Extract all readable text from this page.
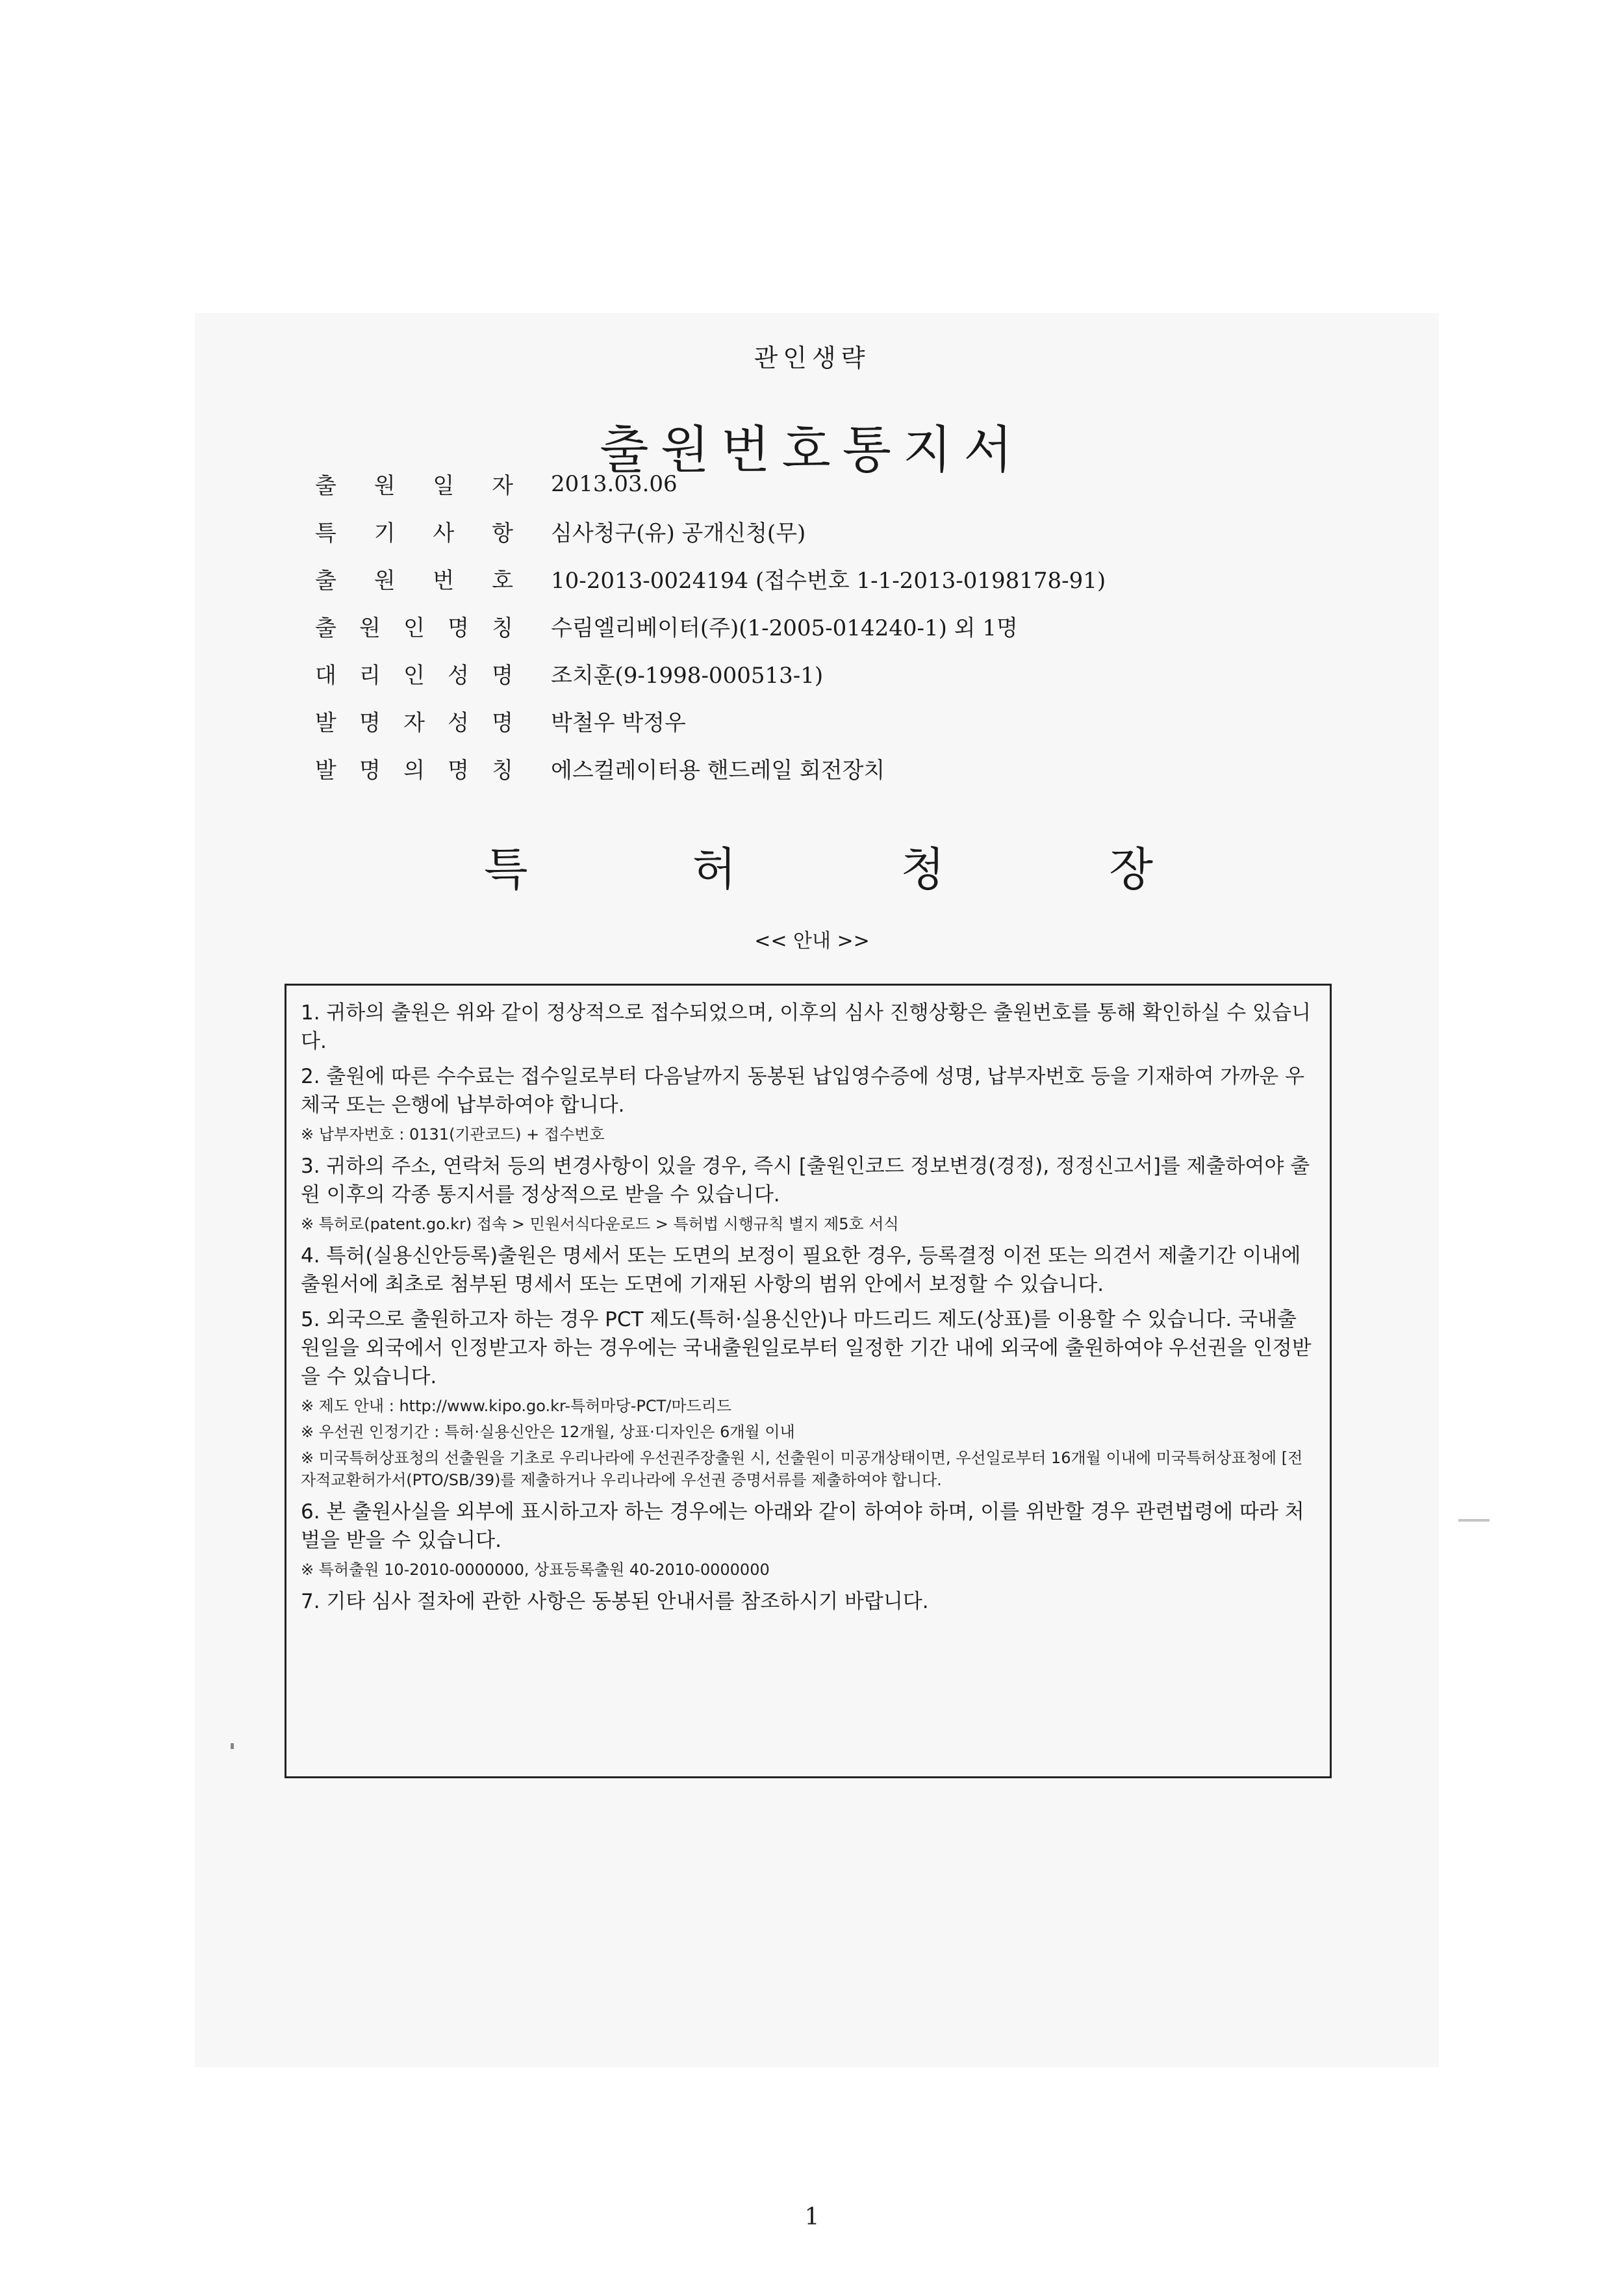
관인생략
출원번호통지서
출 원 일 자 2013.03.06
특 기 사 항 심사청구(유) 공개신청(무)
출 원 번 호 10-2013-0024194 (접수번호 1-1-2013-0198178-91)
출 원 인 명 칭 수림엘리베이터(주)(1-2005-014240-1) 외 1명
대 리 인 성 명 조치훈(9-1998-000513-1)
발 명 자 성 명 박철우 박정우
발 명 의 명 칭 에스컬레이터용 핸드레일 회전장치
특	허	청	장
<< 안내 >>
1. 귀하의 출원은 위와 같이 정상적으로 접수되었으며, 이후의 심사 진행상황은 출원번호를 통해 확인하실 수 있습니다.
2. 출원에 따른 수수료는 접수일로부터 다음날까지 동봉된 납입영수증에 성명, 납부자번호 등을 기재하여 가까운 우체국 또는 은행에 납부하여야 합니다.
※ 납부자번호 : 0131(기관코드) + 접수번호
3. 귀하의 주소, 연락처 등의 변경사항이 있을 경우, 즉시 [출원인코드 정보변경(경정), 정정신고서]를 제출하여야 출원 이후의 각종 통지서를 정상적으로 받을 수 있습니다.
※ 특허로(patent.go.kr) 접속 > 민원서식다운로드 > 특허법 시행규칙 별지 제5호 서식
4. 특허(실용신안등록)출원은 명세서 또는 도면의 보정이 필요한 경우, 등록결정 이전 또는 의견서 제출기간 이내에 출원서에 최초로 첨부된 명세서 또는 도면에 기재된 사항의 범위 안에서 보정할 수 있습니다.
5. 외국으로 출원하고자 하는 경우 PCT 제도(특허·실용신안)나 마드리드 제도(상표)를 이용할 수 있습니다. 국내출원일을 외국에서 인정받고자 하는 경우에는 국내출원일로부터 일정한 기간 내에 외국에 출원하여야 우선권을 인정받을 수 있습니다.
※ 제도 안내 : http://www.kipo.go.kr-특허마당-PCT/마드리드
※ 우선권 인정기간 : 특허·실용신안은 12개월, 상표·디자인은 6개월 이내
※ 미국특허상표청의 선출원을 기초로 우리나라에 우선권주장출원 시, 선출원이 미공개상태이면, 우선일로부터 16개월 이내에 미국특허상표청에 [전자적교환허가서(PTO/SB/39)를 제출하거나 우리나라에 우선권 증명서류를 제출하여야 합니다.
6. 본 출원사실을 외부에 표시하고자 하는 경우에는 아래와 같이 하여야 하며, 이를 위반할 경우 관련법령에 따라 처벌을 받을 수 있습니다.
※ 특허출원 10-2010-0000000, 상표등록출원 40-2010-0000000
7. 기타 심사 절차에 관한 사항은 동봉된 안내서를 참조하시기 바랍니다.
1
